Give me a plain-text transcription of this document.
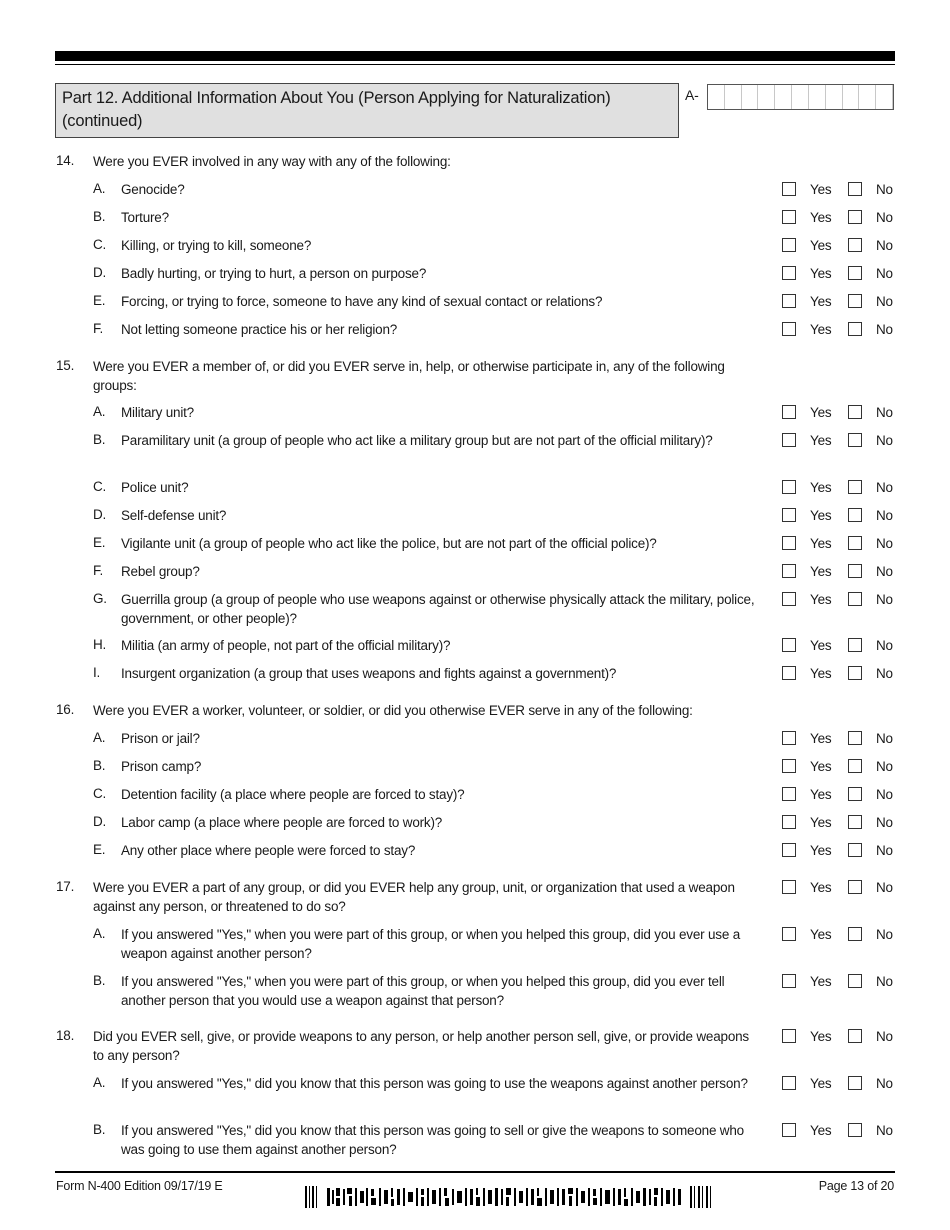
Part 12. Additional Information About You (Person Applying for Naturalization) (continued)
A-
14. Were you EVER involved in any way with any of the following:
A. Genocide?	Yes	No
B. Torture?	Yes	No
C. Killing, or trying to kill, someone?	Yes	No
D. Badly hurting, or trying to hurt, a person on purpose?	Yes	No
E. Forcing, or trying to force, someone to have any kind of sexual contact or relations?	Yes	No
F. Not letting someone practice his or her religion?	Yes	No
15. Were you EVER a member of, or did you EVER serve in, help, or otherwise participate in, any of the following groups:
A. Military unit?	Yes	No
B. Paramilitary unit (a group of people who act like a military group but are not part of the official military)?	Yes	No
C. Police unit?	Yes	No
D. Self-defense unit?	Yes	No
E. Vigilante unit (a group of people who act like the police, but are not part of the official police)?	Yes	No
F. Rebel group?	Yes	No
G. Guerrilla group (a group of people who use weapons against or otherwise physically attack the military, police, government, or other people)?
Yes	No
H. Militia (an army of people, not part of the official military)?	Yes	No
I. Insurgent organization (a group that uses weapons and fights against a government)?	Yes	No
16. Were you EVER a worker, volunteer, or soldier, or did you otherwise EVER serve in any of the following:
A. Prison or jail?	Yes	No
B. Prison camp?	Yes	No
C. Detention facility (a place where people are forced to stay)?	Yes	No
D. Labor camp (a place where people are forced to work)?	Yes	No
E. Any other place where people were forced to stay?	Yes	No
17. Were you EVER a part of any group, or did you EVER help any group, unit, or organization that used a weapon against any person, or threatened to do so?
Yes	No
A. If you answered "Yes," when you were part of this group, or when you helped this group, did you ever use a weapon against another person?
Yes	No
B. If you answered "Yes," when you were part of this group, or when you helped this group, did you ever tell another person that you would use a weapon against that person?
Yes	No
18. Did you EVER sell, give, or provide weapons to any person, or help another person sell, give, or provide weapons to any person?
Yes	No
A. If you answered "Yes," did you know that this person was going to use the weapons against another person?	Yes	No
B. If you answered "Yes," did you know that this person was going to sell or give the weapons to someone who was going to use them against another person?
Yes	No
Form N-400 Edition 09/17/19 E	Page 13 of 20
